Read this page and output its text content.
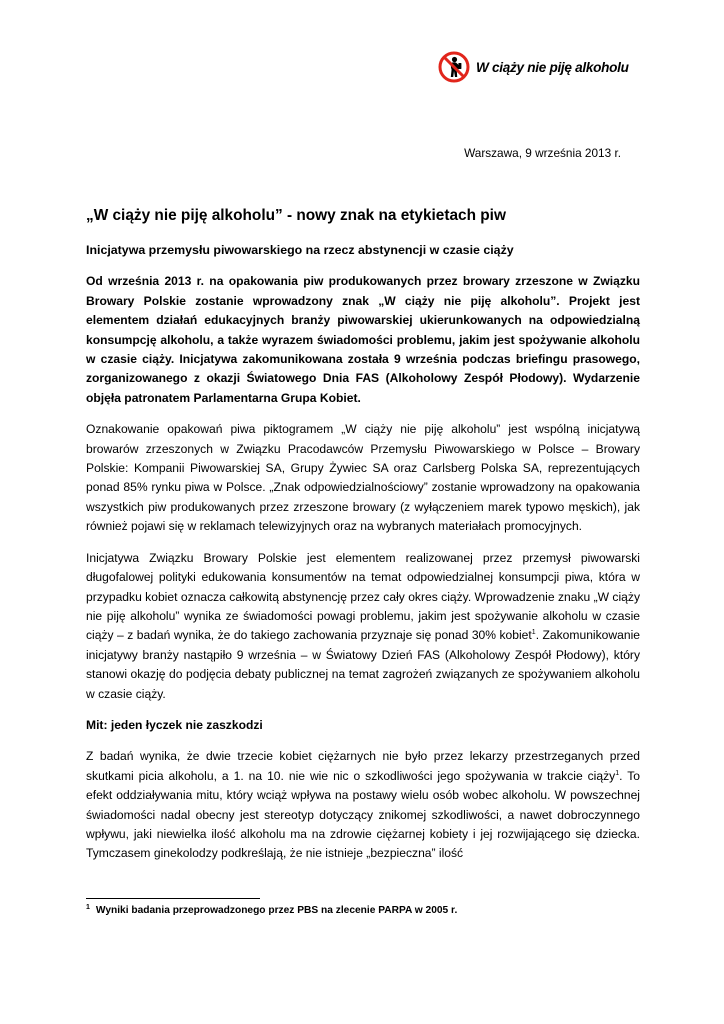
W ciąży nie piję alkoholu
Warszawa, 9 września 2013 r.
„W ciąży nie piję alkoholu” - nowy znak na etykietach piw
Inicjatywa przemysłu piwowarskiego na rzecz abstynencji w czasie ciąży

Od września 2013 r. na opakowania piw produkowanych przez browary zrzeszone w Związku Browary Polskie zostanie wprowadzony znak „W ciąży nie piję alkoholu”. Projekt jest elementem działań edukacyjnych branży piwowarskiej ukierunkowanych na odpowiedzialną konsumpcję alkoholu, a także wyrazem świadomości problemu, jakim jest spożywanie alkoholu w czasie ciąży. Inicjatywa zakomunikowana została 9 września podczas briefingu prasowego, zorganizowanego z okazji Światowego Dnia FAS (Alkoholowy Zespół Płodowy). Wydarzenie objęła patronatem Parlamentarna Grupa Kobiet.

Oznakowanie opakowań piwa piktogramem „W ciąży nie piję alkoholu” jest wspólną inicjatywą browarów zrzeszonych w Związku Pracodawców Przemysłu Piwowarskiego w Polsce – Browary Polskie: Kompanii Piwowarskiej SA, Grupy Żywiec SA oraz Carlsberg Polska SA, reprezentujących ponad 85% rynku piwa w Polsce. „Znak odpowiedzialnościowy” zostanie wprowadzony na opakowania wszystkich piw produkowanych przez zrzeszone browary (z wyłączeniem marek typowo męskich), jak również pojawi się w reklamach telewizyjnych oraz na wybranych materiałach promocyjnych.

Inicjatywa Związku Browary Polskie jest elementem realizowanej przez przemysł piwowarski długofalowej polityki edukowania konsumentów na temat odpowiedzialnej konsumpcji piwa, która w przypadku kobiet oznacza całkowitą abstynencję przez cały okres ciąży. Wprowadzenie znaku „W ciąży nie piję alkoholu” wynika ze świadomości powagi problemu, jakim jest spożywanie alkoholu w czasie ciąży – z badań wynika, że do takiego zachowania przyznaje się ponad 30% kobiet$^1$. Zakomunikowanie inicjatywy branży nastąpiło 9 września – w Światowy Dzień FAS (Alkoholowy Zespół Płodowy), który stanowi okazję do podjęcia debaty publicznej na temat zagrożeń związanych ze spożywaniem alkoholu w czasie ciąży.

Mit: jeden łyczek nie zaszkodzi

Z badań wynika, że dwie trzecie kobiet ciężarnych nie było przez lekarzy przestrzeganych przed skutkami picia alkoholu, a 1. na 10. nie wie nic o szkodliwości jego spożywania w trakcie ciąży$^1$. To efekt oddziaływania mitu, który wciąż wpływa na postawy wielu osób wobec alkoholu. W powszechnej świadomości nadal obecny jest stereotyp dotyczący znikomej szkodliwości, a nawet dobroczynnego wpływu, jaki niewielka ilość alkoholu ma na zdrowie ciężarnej kobiety i jej rozwijającego się dziecka. Tymczasem ginekolodzy podkreślają, że nie istnieje „bezpieczna” ilość

$^1$ Wyniki badania przeprowadzonego przez PBS na zlecenie PARPA w 2005 r.
